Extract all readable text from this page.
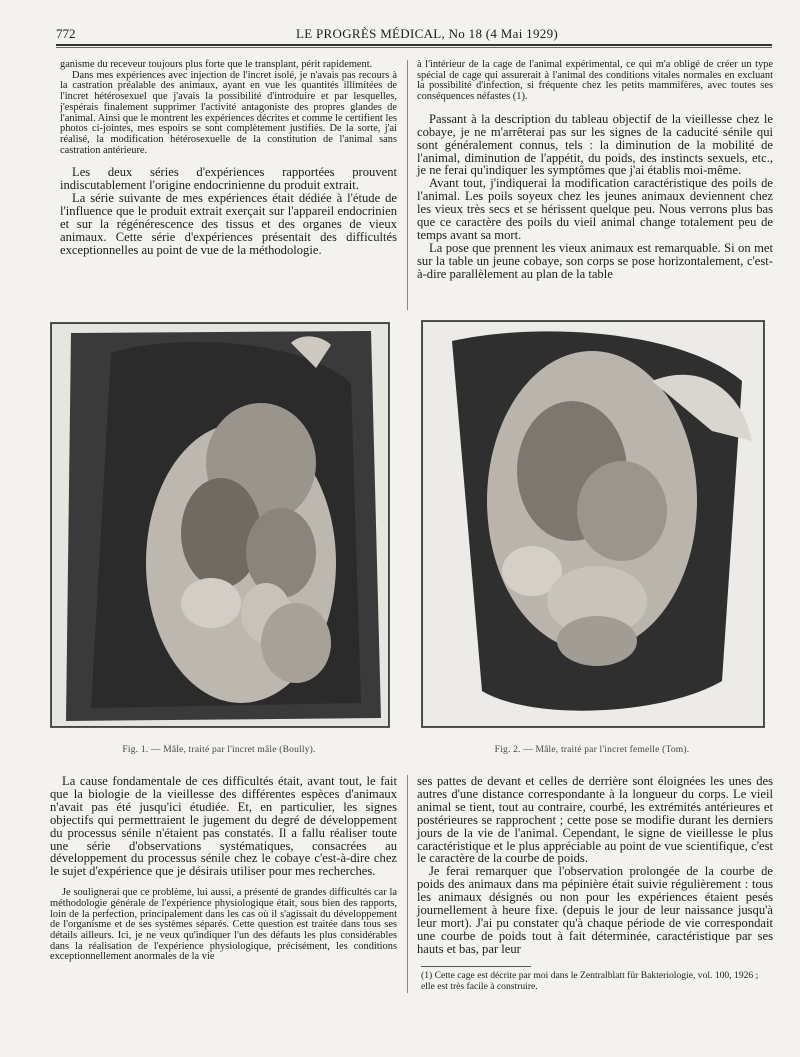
772	LE PROGRÈS MÉDICAL, No 18 (4 Mai 1929)

ganisme du receveur toujours plus forte que le transplant, périt rapidement.

Dans mes expériences avec injection de l'incret isolé, je n'avais pas recours à la castration préalable des animaux, ayant en vue les quantités illimitées de l'incret hétérosexuel que j'avais la possibilité d'introduire et par lesquelles, j'espérais finalement supprimer l'activité antagoniste des propres glandes de l'animal. Ainsi que le montrent les expériences décrites et comme le certifient les photos ci-jointes, mes espoirs se sont complètement justifiés. De la sorte, j'ai réalisé, la modification hétérosexuelle de la constitution de l'animal sans castration antérieure.

Les deux séries d'expériences rapportées prouvent indiscutablement l'origine endocrinienne du produit extrait.

La série suivante de mes expériences était dédiée à l'étude de l'influence que le produit extrait exerçait sur l'appareil endocrinien et sur la régénérescence des tissus et des organes de vieux animaux. Cette série d'expériences présentait des difficultés exceptionnelles au point de vue de la méthodologie.

à l'intérieur de la cage de l'animal expérimental, ce qui m'a obligé de créer un type spécial de cage qui assurerait à l'animal des conditions vitales normales en excluant la possibilité d'infection, si fréquente chez les petits mammifères, avec toutes ses conséquences néfastes (1).

Passant à la description du tableau objectif de la vieillesse chez le cobaye, je ne m'arrêterai pas sur les signes de la caducité sénile qui sont généralement connus, tels : la diminution de la mobilité de l'animal, diminution de l'appétit, du poids, des instincts sexuels, etc., je ne ferai qu'indiquer les symptômes que j'ai établis moi-même.

Avant tout, j'indiquerai la modification caractéristique des poils de l'animal. Les poils soyeux chez les jeunes animaux deviennent chez les vieux très secs et se hérissent quelque peu. Nous verrons plus bas que ce caractère des poils du vieil animal change totalement peu de temps avant sa mort.

La pose que prennent les vieux animaux est remarquable. Si on met sur la table un jeune cobaye, son corps se pose horizontalement, c'est-à-dire parallèlement au plan de la table

Fig. 1. — Mâle, traité par l'incret mâle (Boully).	Fig. 2. — Mâle, traité par l'incret femelle (Tom).

La cause fondamentale de ces difficultés était, avant tout, le fait que la biologie de la vieillesse des différentes espèces d'animaux n'avait pas été jusqu'ici étudiée. Et, en particulier, les signes objectifs qui permettraient le jugement du degré de développement du processus sénile n'étaient pas constatés. Il a fallu réaliser toute une série d'observations systématiques, consacrées au développement du processus sénile chez le cobaye c'est-à-dire chez le sujet d'expérience que je désirais utiliser pour mes recherches.

Je soulignerai que ce problème, lui aussi, a présenté de grandes difficultés car la méthodologie générale de l'expérience physiologique était, sous bien des rapports, loin de la perfection, principalement dans les cas où il s'agissait du développement de l'organisme et de ses systèmes séparés. Cette question est traitée dans tous ses détails ailleurs. Ici, je ne veux qu'indiquer l'un des défauts les plus considérables dans la réalisation de l'expérience physiologique, précisément, les conditions exceptionnellement anormales de la vie

ses pattes de devant et celles de derrière sont éloignées les unes des autres d'une distance correspondante à la longueur du corps. Le vieil animal se tient, tout au contraire, courbé, les extrémités antérieures et postérieures se rapprochent ; cette pose se modifie durant les derniers jours de la vie de l'animal. Cependant, le signe de vieillesse le plus caractéristique et le plus appréciable au point de vue scientifique, c'est le caractère de la courbe de poids.

Je ferai remarquer que l'observation prolongée de la courbe de poids des animaux dans ma pépinière était suivie régulièrement : tous les animaux désignés ou non pour les expériences étaient pesés journellement à heure fixe. (depuis le jour de leur naissance jusqu'à leur mort). J'ai pu constater qu'à chaque période de vie correspondait une courbe de poids tout à fait déterminée, caractéristique par ses hauts et bas, par leur

(1) Cette cage est décrite par moi dans le Zentralblatt für Bakteriologie, vol. 100, 1926 ; elle est très facile à construire.
